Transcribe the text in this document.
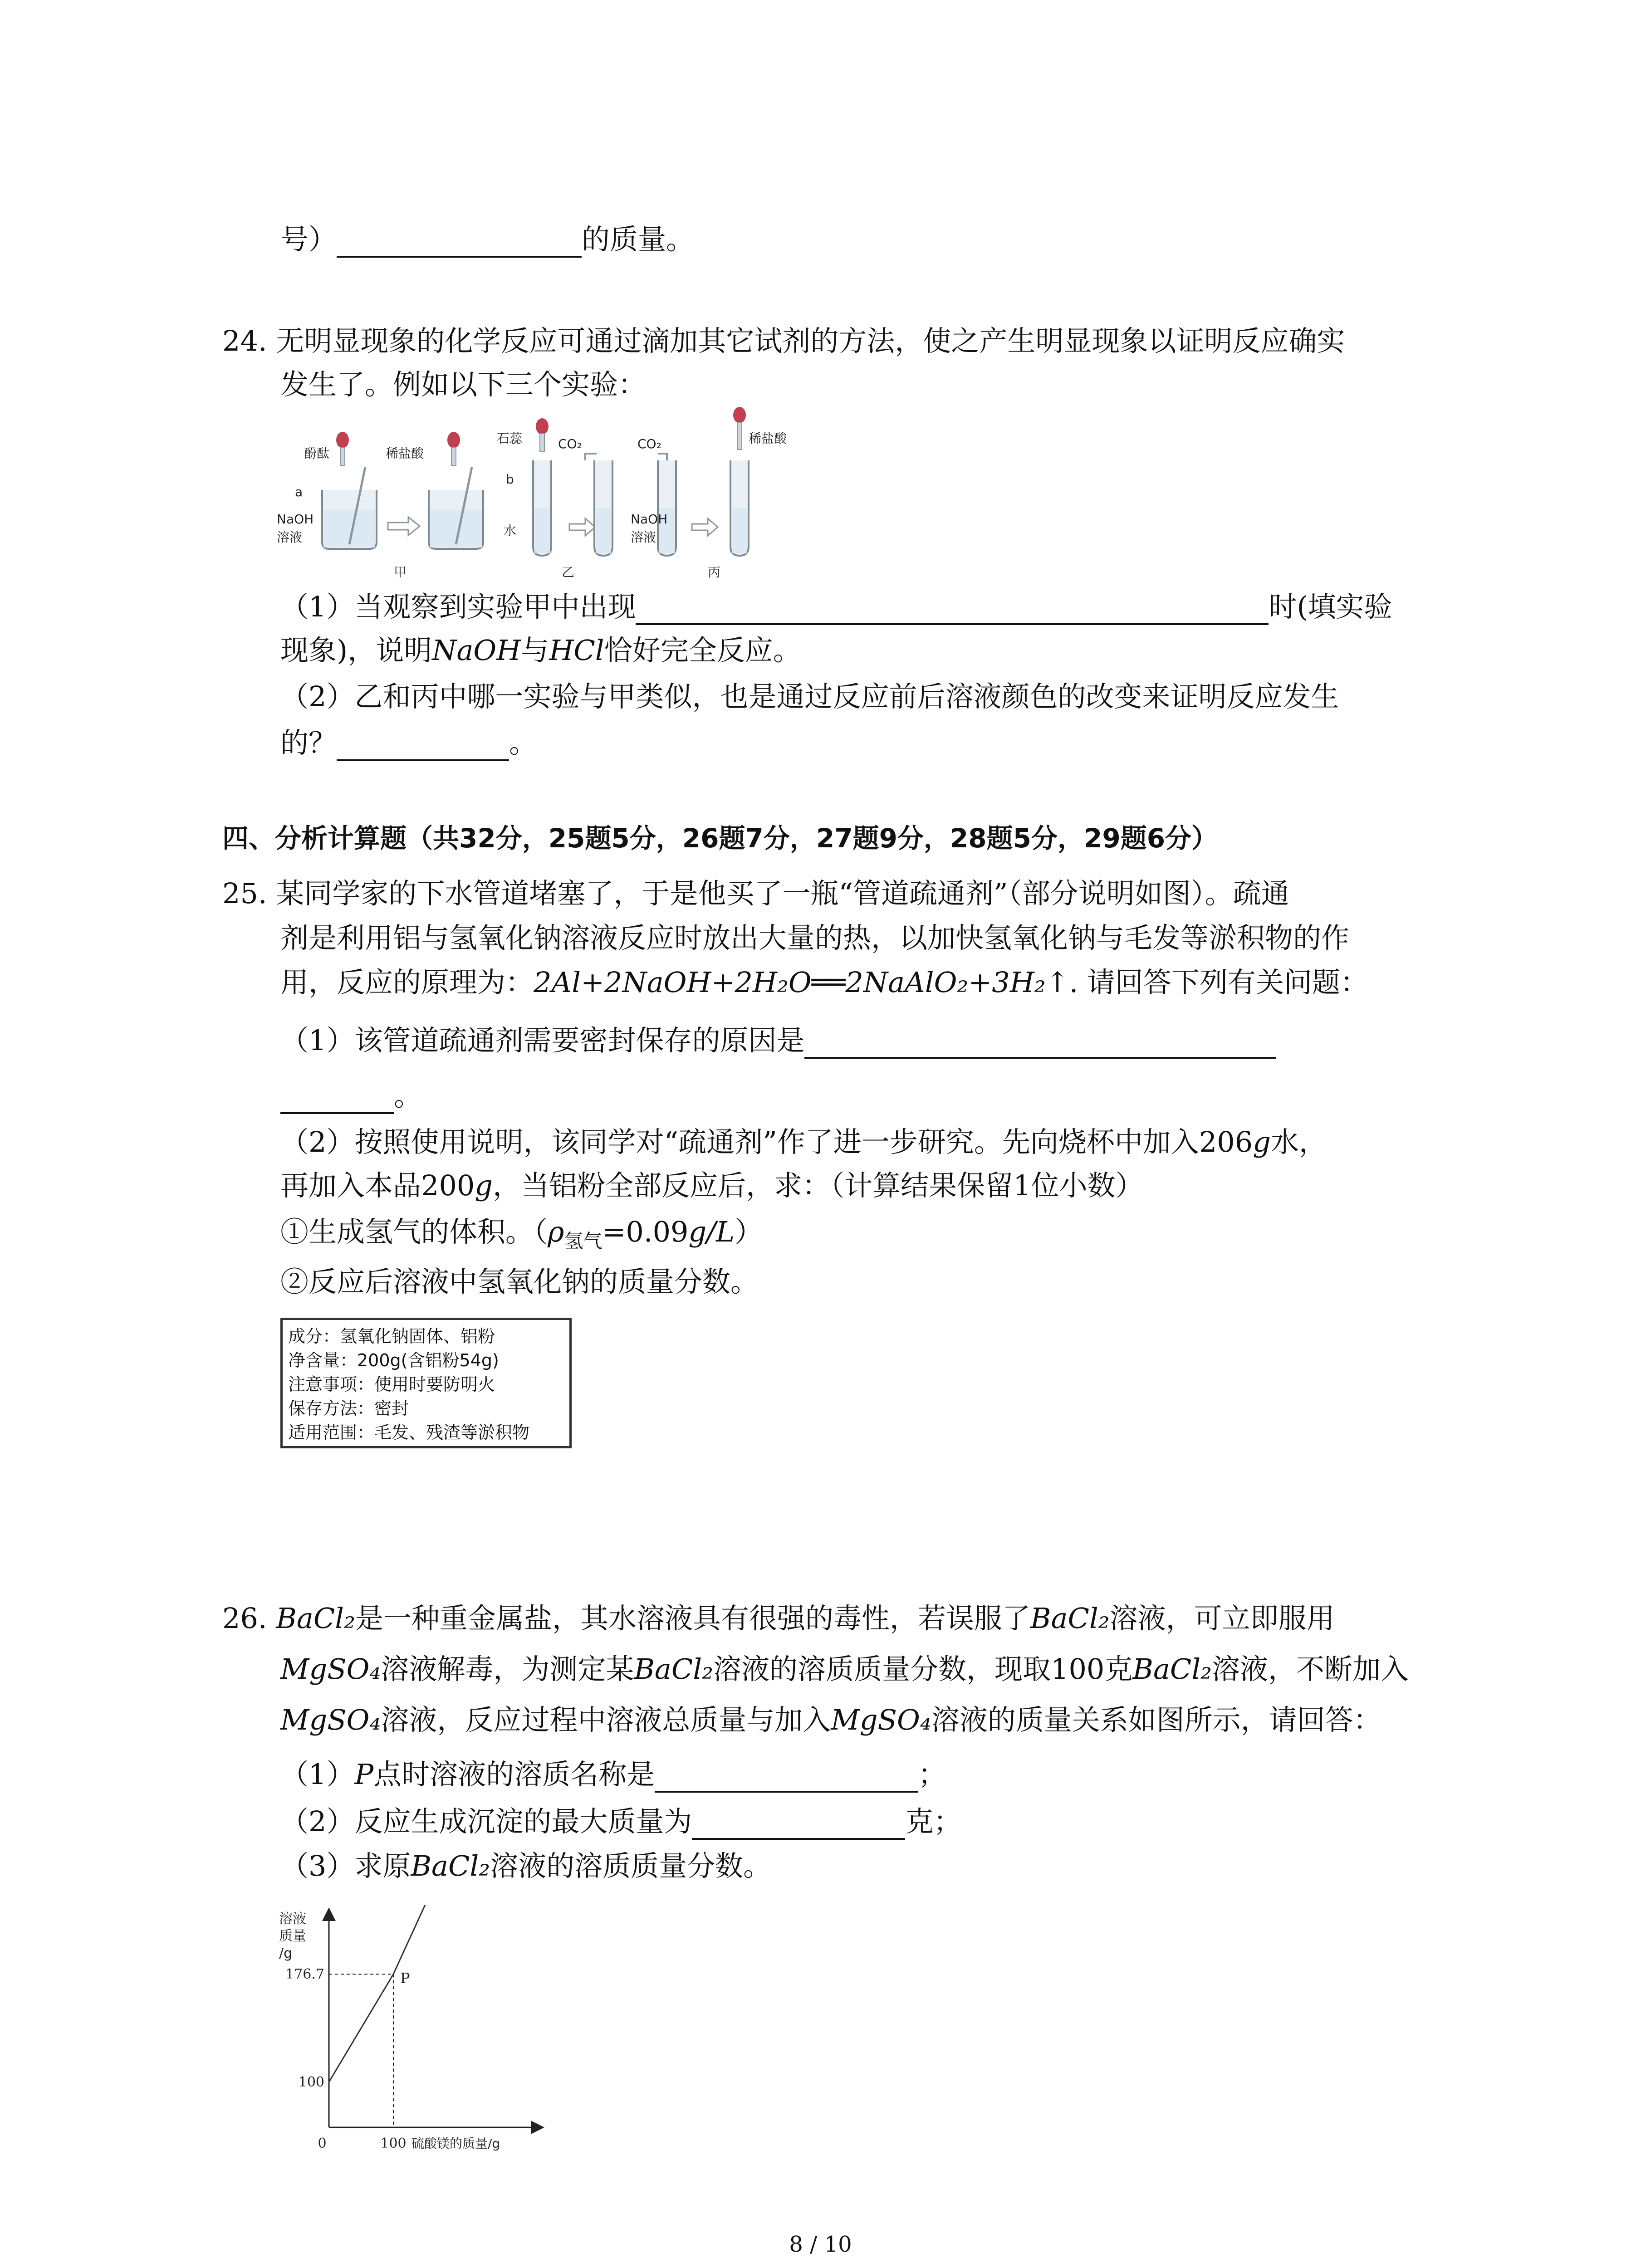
号）	的质量。
24. 无明显现象的化学反应可通过滴加其它试剂的方法，使之产生明显现象以证明反应确实
发生了。例如以下三个实验：
酚酞	稀盐酸
a
NaOH
溶液
石蕊	CO₂
b
水
CO₂
NaOH
溶液
稀盐酸
甲	乙	丙
（1）当观察到实验甲中出现	时(填实验
现象)，说明NaOH与HCl恰好完全反应。
（2）乙和丙中哪一实验与甲类似，也是通过反应前后溶液颜色的改变来证明反应发生
的？	。
四、分析计算题（共32分，25题5分，26题7分，27题9分，28题5分，29题6分）
25. 某同学家的下水管道堵塞了，于是他买了一瓶“管道疏通剂”（部分说明如图）。疏通
剂是利用铝与氢氧化钠溶液反应时放出大量的热，以加快氢氧化钠与毛发等淤积物的作
用，反应的原理为：2Al+2NaOH+2H₂O══2NaAlO₂+3H₂↑. 请回答下列有关问题：
（1）该管道疏通剂需要密封保存的原因是
。
（2）按照使用说明，该同学对“疏通剂”作了进一步研究。先向烧杯中加入206g水，
再加入本品200g，当铝粉全部反应后，求：（计算结果保留1位小数）
①生成氢气的体积。$(\rho_{氢气}=0.09g/L)$
②反应后溶液中氢氧化钠的质量分数。
成分：氢氧化钠固体、铝粉
净含量：200g(含铝粉54g)
注意事项：使用时要防明火
保存方法：密封
适用范围：毛发、残渣等淤积物
26. BaCl₂是一种重金属盐，其水溶液具有很强的毒性，若误服了BaCl₂溶液，可立即服用
MgSO₄溶液解毒，为测定某BaCl₂溶液的溶质质量分数，现取100克BaCl₂溶液，不断加入
MgSO₄溶液，反应过程中溶液总质量与加入MgSO₄溶液的质量关系如图所示，请回答：
（1）P点时溶液的溶质名称是	；
（2）反应生成沉淀的最大质量为	克；
（3）求原BaCl₂溶液的溶质质量分数。
溶液
质量
/g
176.7
100
0	100 硫酸镁的质量/g
P
8 / 10
